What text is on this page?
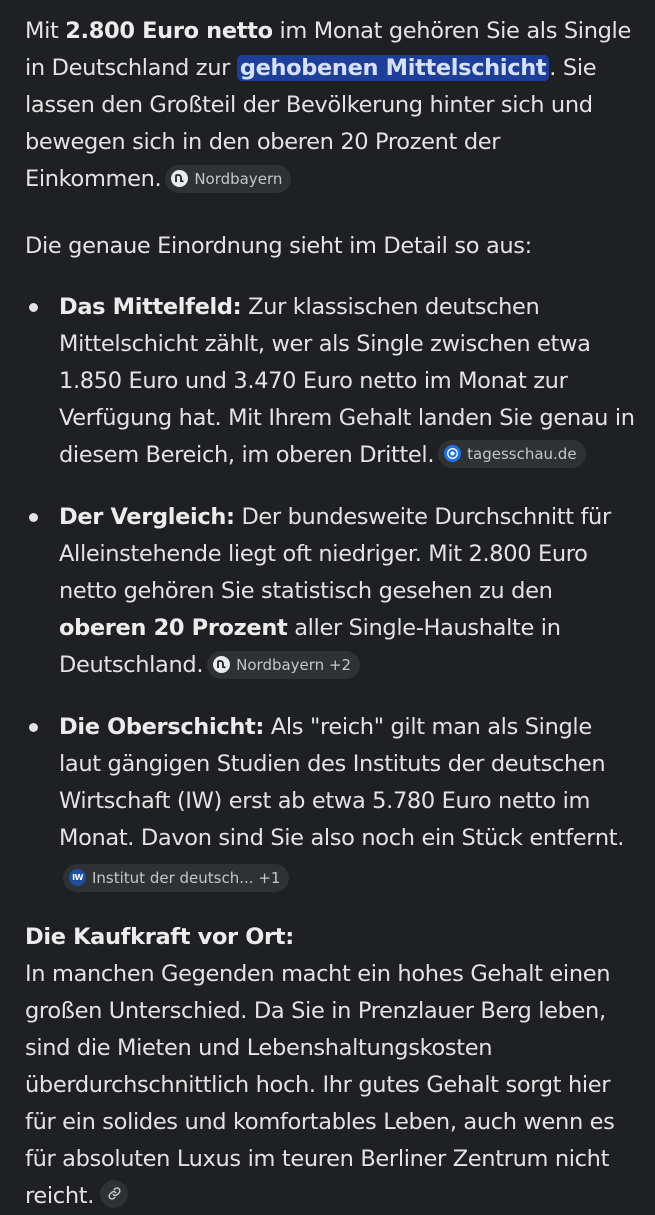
Mit 2.800 Euro netto im Monat gehören Sie als Single in Deutschland zur gehobenen Mittelschicht . Sie lassen den Großteil der Bevölkerung hinter sich und bewegen sich in den oberen 20 Prozent der Einkommen. Nordbayern

Die genaue Einordnung sieht im Detail so aus:

Das Mittelfeld: Zur klassischen deutschen Mittelschicht zählt, wer als Single zwischen etwa 1.850 Euro und 3.470 Euro netto im Monat zur Verfügung hat. Mit Ihrem Gehalt landen Sie genau in diesem Bereich, im oberen Drittel. tagesschau.de
Der Vergleich: Der bundesweite Durchschnitt für Alleinstehende liegt oft niedriger. Mit 2.800 Euro netto gehören Sie statistisch gesehen zu den oberen 20 Prozent aller Single-Haushalte in Deutschland. Nordbayern +2
Die Oberschicht: Als "reich" gilt man als Single laut gängigen Studien des Instituts der deutschen Wirtschaft (IW) erst ab etwa 5.780 Euro netto im Monat. Davon sind Sie also noch ein Stück entfernt.
IW Institut der deutsch... +1

Die Kaufkraft vor Ort:
In manchen Gegenden macht ein hohes Gehalt einen großen Unterschied. Da Sie in Prenzlauer Berg leben, sind die Mieten und Lebenshaltungskosten überdurchschnittlich hoch. Ihr gutes Gehalt sorgt hier für ein solides und komfortables Leben, auch wenn es für absoluten Luxus im teuren Berliner Zentrum nicht reicht.
